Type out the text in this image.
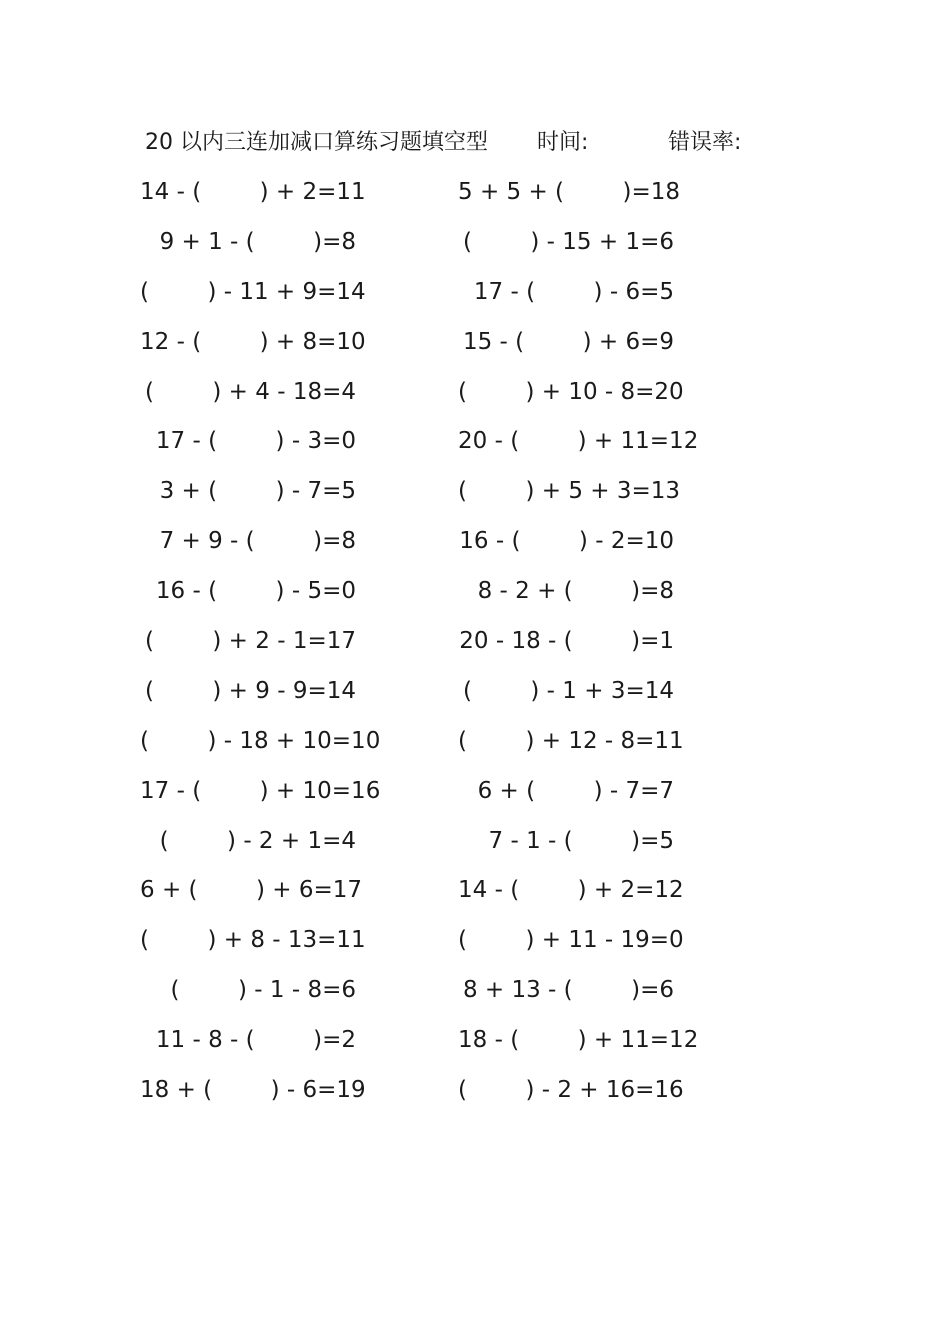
20 以内三连加减口算练习题填空型 时间:	错误率:
14 - (        ) + 2=11	5 + 5 + (        )=18
9 + 1 - (        )=8	(        ) - 15 + 1=6
(        ) - 11 + 9=14	17 - (        ) - 6=5
12 - (        ) + 8=10	15 - (        ) + 6=9
(        ) + 4 - 18=4	(        ) + 10 - 8=20
17 - (        ) - 3=0	20 - (        ) + 11=12
3 + (        ) - 7=5	(        ) + 5 + 3=13
7 + 9 - (        )=8	16 - (        ) - 2=10
16 - (        ) - 5=0	8 - 2 + (        )=8
(        ) + 2 - 1=17	20 - 18 - (        )=1
(        ) + 9 - 9=14	(        ) - 1 + 3=14
(        ) - 18 + 10=10	(        ) + 12 - 8=11
17 - (        ) + 10=16	6 + (        ) - 7=7
(        ) - 2 + 1=4	7 - 1 - (        )=5
6 + (        ) + 6=17	14 - (        ) + 2=12
(        ) + 8 - 13=11	(        ) + 11 - 19=0
(        ) - 1 - 8=6	8 + 13 - (        )=6
11 - 8 - (        )=2	18 - (        ) + 11=12
18 + (        ) - 6=19	(        ) - 2 + 16=16
